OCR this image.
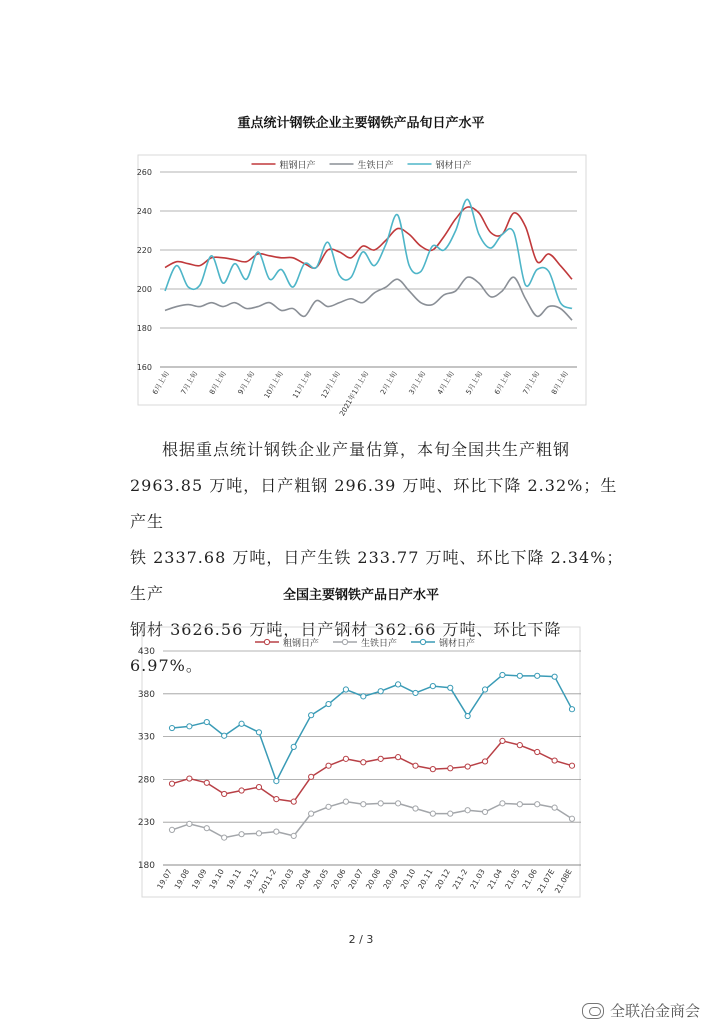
重点统计钢铁企业主要钢铁产品旬日产水平
160
180
200
220
240
260
6月上旬 7月上旬 8月上旬 9月上旬 10月上旬 11月上旬 12月上旬
2021年1月上旬 2月上旬 3月上旬 4月上旬 5月上旬 6月上旬 7月上旬 8月上旬
粗钢日产	生铁日产	钢材日产
根据重点统计钢铁企业产量估算，本旬全国共生产粗钢
2963.85 万吨，日产粗钢 296.39 万吨、环比下降 2.32%；生产生
铁 2337.68 万吨，日产生铁 233.77 万吨、环比下降 2.34%；生产
钢材 3626.56 万吨，日产钢材 362.66 万吨、环比下降 6.97%。
全国主要钢铁产品日产水平
180
230
280
330
380
430
19.07
19.08
19.09
19.10
19.11
19.12
2011-2
20.03
20.04
20.05
20.06
20.07
20.08
20.09
20.10
20.11
20.12
211-2
21.03
21.04
21.05
21.06
21.07E
21.08E
粗钢日产	生铁日产	钢材日产
2 / 3
全联冶金商会
